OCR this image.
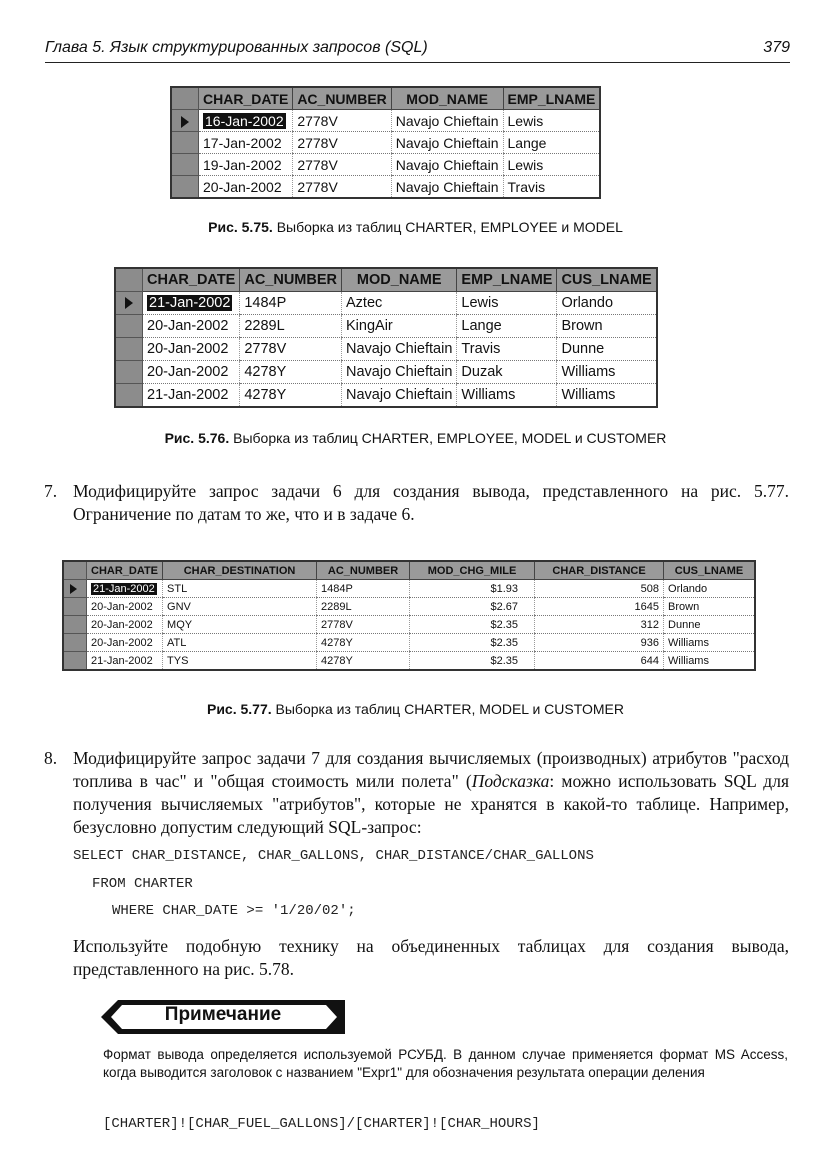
Глава 5. Язык структурированных запросов (SQL)	379
	CHAR_DATE	AC_NUMBER	MOD_NAME	EMP_LNAME
	16-Jan-2002	2778V	Navajo Chieftain	Lewis
	17-Jan-2002	2778V	Navajo Chieftain	Lange
	19-Jan-2002	2778V	Navajo Chieftain	Lewis
	20-Jan-2002	2778V	Navajo Chieftain	Travis
Рис. 5.75. Выборка из таблиц CHARTER, EMPLOYEE и MODEL
	CHAR_DATE	AC_NUMBER	MOD_NAME	EMP_LNAME	CUS_LNAME
	21-Jan-2002	1484P	Aztec	Lewis	Orlando
	20-Jan-2002	2289L	KingAir	Lange	Brown
	20-Jan-2002	2778V	Navajo Chieftain	Travis	Dunne
	20-Jan-2002	4278Y	Navajo Chieftain	Duzak	Williams
	21-Jan-2002	4278Y	Navajo Chieftain	Williams	Williams
Рис. 5.76. Выборка из таблиц CHARTER, EMPLOYEE, MODEL и CUSTOMER
7. Модифицируйте запрос задачи 6 для создания вывода, представленного на рис. 5.77. Ограничение по датам то же, что и в задаче 6.
	CHAR_DATE	CHAR_DESTINATION	AC_NUMBER	MOD_CHG_MILE	CHAR_DISTANCE	CUS_LNAME
	21-Jan-2002	STL	1484P	$1.93	508	Orlando
	20-Jan-2002	GNV	2289L	$2.67	1645	Brown
	20-Jan-2002	MQY	2778V	$2.35	312	Dunne
	20-Jan-2002	ATL	4278Y	$2.35	936	Williams
	21-Jan-2002	TYS	4278Y	$2.35	644	Williams
Рис. 5.77. Выборка из таблиц CHARTER, MODEL и CUSTOMER
8. Модифицируйте запрос задачи 7 для создания вычисляемых (производных) атрибутов "расход топлива в час" и "общая стоимость мили полета" (Подсказка: можно использовать SQL для получения вычисляемых "атрибутов", которые не хранятся в какой-то таблице. Например, безусловно допустим следующий SQL-запрос:
SELECT CHAR_DISTANCE, CHAR_GALLONS, CHAR_DISTANCE/CHAR_GALLONS
FROM CHARTER
WHERE CHAR_DATE >= '1/20/02';
Используйте подобную технику на объединенных таблицах для создания вывода, представленного на рис. 5.78.
Примечание
Формат вывода определяется используемой РСУБД. В данном случае применяется формат MS Access, когда выводится заголовок с названием "Expr1" для обозначения результата операции деления
[CHARTER]![CHAR_FUEL_GALLONS]/[CHARTER]![CHAR_HOURS]
